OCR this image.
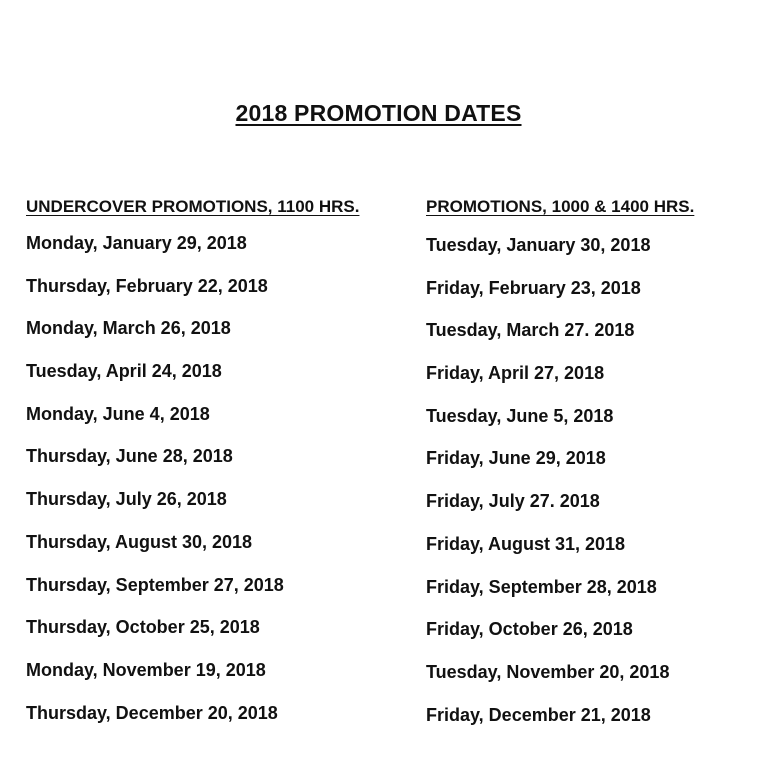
2018 PROMOTION DATES
UNDERCOVER PROMOTIONS, 1100 HRS.
Monday, January 29, 2018
Thursday, February 22, 2018
Monday, March 26, 2018
Tuesday, April 24, 2018
Monday, June 4, 2018
Thursday, June 28, 2018
Thursday, July 26, 2018
Thursday, August 30, 2018
Thursday, September 27, 2018
Thursday, October 25, 2018
Monday, November 19, 2018
Thursday, December 20, 2018
PROMOTIONS, 1000 & 1400 HRS.
Tuesday, January 30, 2018
Friday, February 23, 2018
Tuesday, March 27. 2018
Friday, April 27, 2018
Tuesday, June 5, 2018
Friday, June 29, 2018
Friday, July 27. 2018
Friday, August 31, 2018
Friday, September 28, 2018
Friday, October 26, 2018
Tuesday, November 20, 2018
Friday, December 21, 2018
